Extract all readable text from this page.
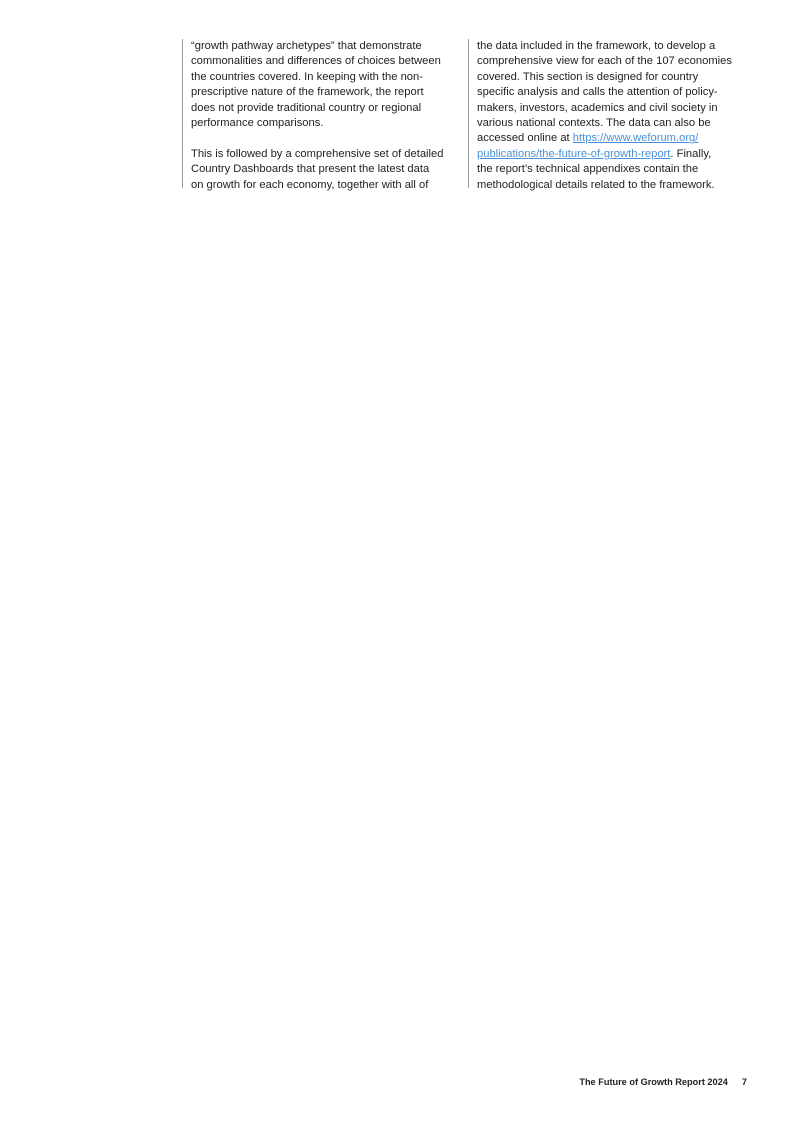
“growth pathway archetypes” that demonstrate
commonalities and differences of choices between
the countries covered. In keeping with the non-
prescriptive nature of the framework, the report
does not provide traditional country or regional
performance comparisons.
This is followed by a comprehensive set of detailed
Country Dashboards that present the latest data
on growth for each economy, together with all of
the data included in the framework, to develop a
comprehensive view for each of the 107 economies
covered. This section is designed for country
specific analysis and calls the attention of policy-
makers, investors, academics and civil society in
various national contexts. The data can also be
accessed online at https://www.weforum.org/
publications/the-future-of-growth-report. Finally,
the report’s technical appendixes contain the
methodological details related to the framework.
The Future of Growth Report 2024 7
